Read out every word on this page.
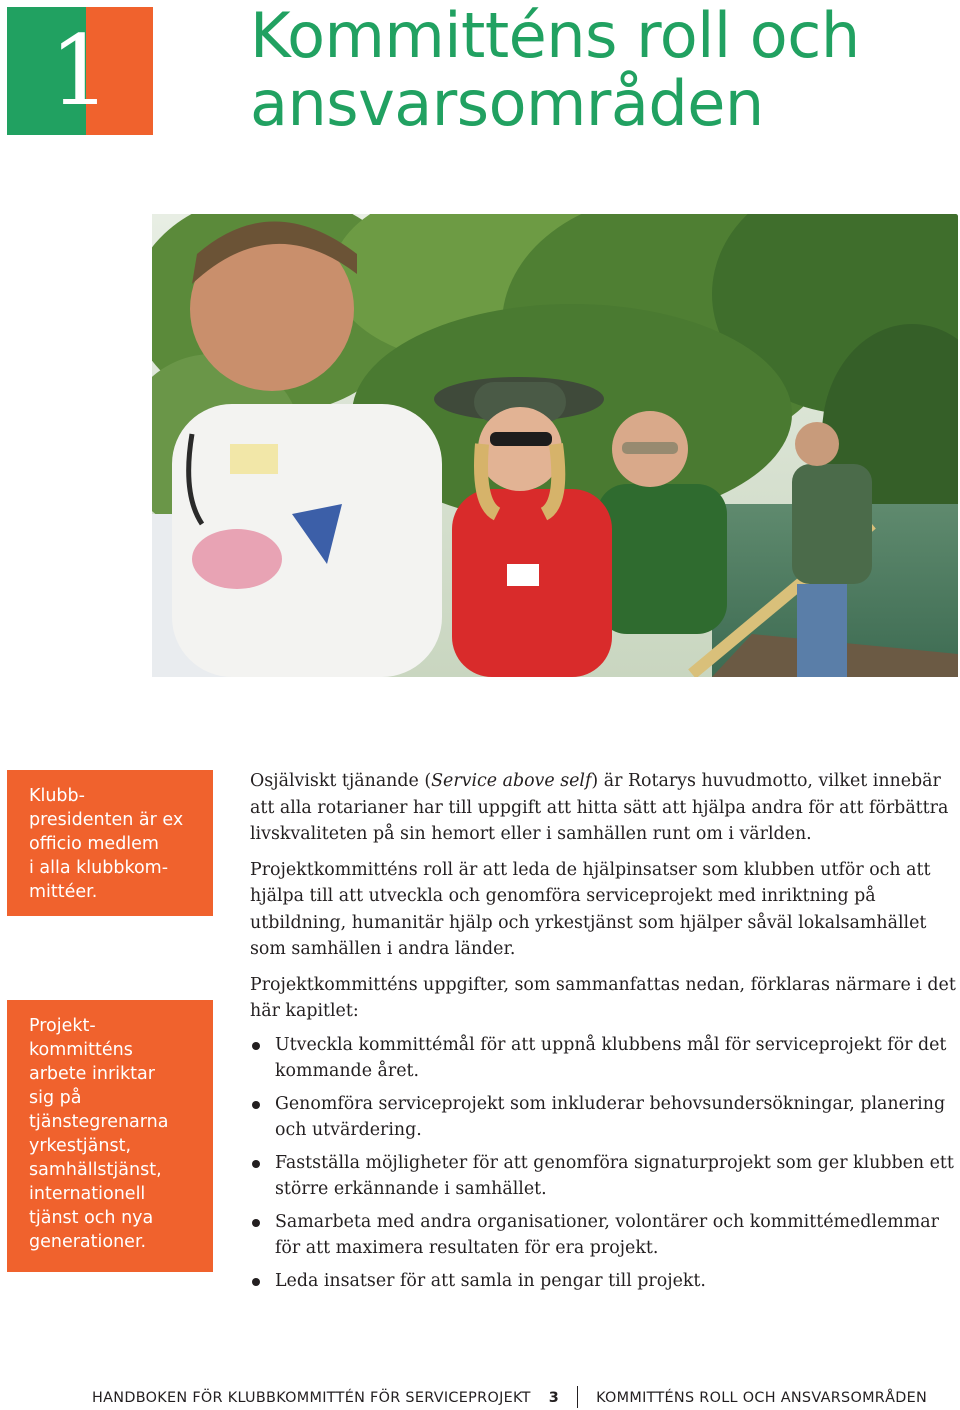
1	Kommitténs roll och
ansvarsområden
Klubb-
presidenten är ex
officio medlem
i alla klubbkom-
mittéer.
Projekt-
kommitténs
arbete inriktar
sig på
tjänstegrenarna
yrkestjänst,
samhällstjänst,
internationell
tjänst och nya
generationer.

Osjälviskt tjänande (Service above self) är Rotarys huvudmotto, vilket innebär att alla rotarianer har till uppgift att hitta sätt att hjälpa andra för att förbättra livskvaliteten på sin hemort eller i samhällen runt om i världen.

Projektkommitténs roll är att leda de hjälpinsatser som klubben utför och att hjälpa till att utveckla och genomföra serviceprojekt med inriktning på utbildning, humanitär hjälp och yrkestjänst som hjälper såväl lokalsamhället som samhällen i andra länder.

Projektkommitténs uppgifter, som sammanfattas nedan, förklaras närmare i det här kapitlet:

Utveckla kommittémål för att uppnå klubbens mål för serviceprojekt för det kommande året.
Genomföra serviceprojekt som inkluderar behovsundersökningar, planering och utvärdering.
Fastställa möjligheter för att genomföra signaturprojekt som ger klubben ett större erkännande i samhället.
Samarbeta med andra organisationer, volontärer och kommittémedlemmar för att maximera resultaten för era projekt.
Leda insatser för att samla in pengar till projekt.
HANDBOKEN FÖR KLUBBKOMMITTÉN FÖR SERVICEPROJEKT 3	KOMMITTÉNS ROLL OCH ANSVARSOMRÅDEN
